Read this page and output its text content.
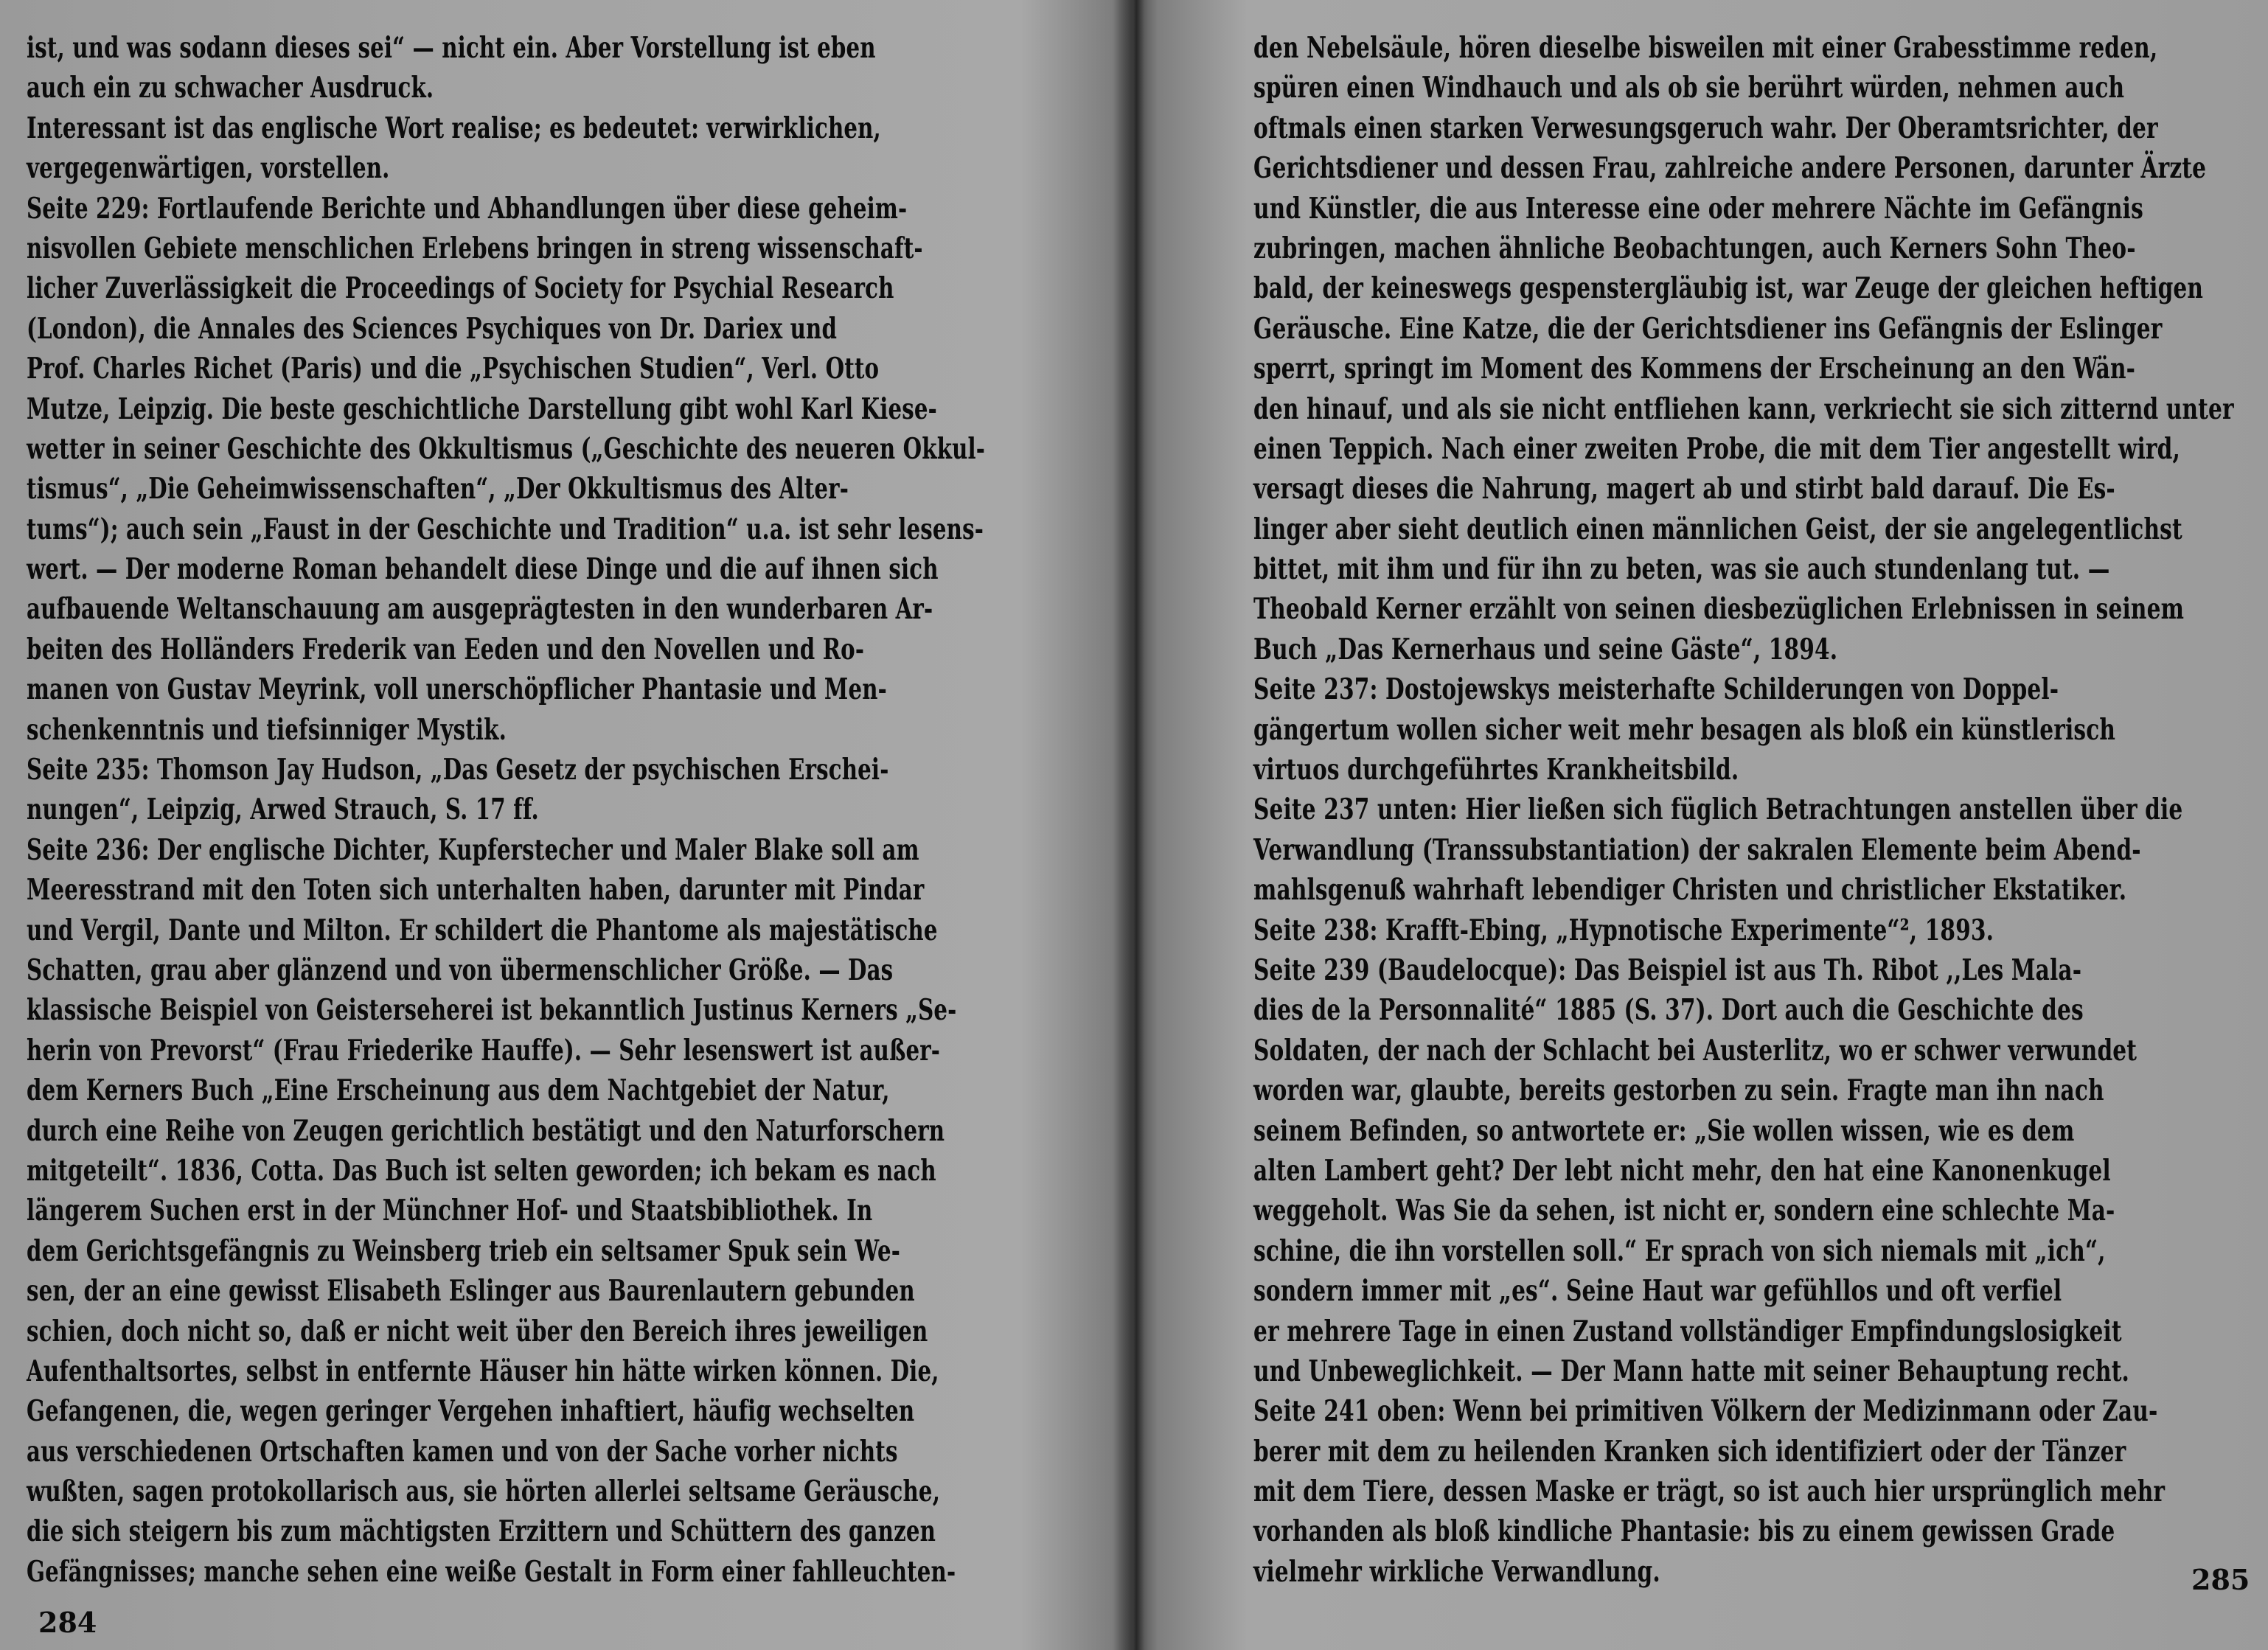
ist, und was sodann dieses sei“ — nicht ein. Aber Vorstellung ist eben
auch ein zu schwacher Ausdruck.
Interessant ist das englische Wort realise; es bedeutet: verwirklichen,
vergegenwärtigen, vorstellen.
Seite 229: Fortlaufende Berichte und Abhandlungen über diese geheim-
nisvollen Gebiete menschlichen Erlebens bringen in streng wissenschaft-
licher Zuverlässigkeit die Proceedings of Society for Psychial Research
(London), die Annales des Sciences Psychiques von Dr. Dariex und
Prof. Charles Richet (Paris) und die „Psychischen Studien“, Verl. Otto
Mutze, Leipzig. Die beste geschichtliche Darstellung gibt wohl Karl Kiese-
wetter in seiner Geschichte des Okkultismus („Geschichte des neueren Okkul-
tismus“, „Die Geheimwissenschaften“, „Der Okkultismus des Alter-
tums“); auch sein „Faust in der Geschichte und Tradition“ u.a. ist sehr lesens-
wert. — Der moderne Roman behandelt diese Dinge und die auf ihnen sich
aufbauende Weltanschauung am ausgeprägtesten in den wunderbaren Ar-
beiten des Holländers Frederik van Eeden und den Novellen und Ro-
manen von Gustav Meyrink, voll unerschöpflicher Phantasie und Men-
schenkenntnis und tiefsinniger Mystik.
Seite 235: Thomson Jay Hudson, „Das Gesetz der psychischen Erschei-
nungen“, Leipzig, Arwed Strauch, S. 17 ff.
Seite 236: Der englische Dichter, Kupferstecher und Maler Blake soll am
Meeresstrand mit den Toten sich unterhalten haben, darunter mit Pindar
und Vergil, Dante und Milton. Er schildert die Phantome als majestätische
Schatten, grau aber glänzend und von übermenschlicher Größe. — Das
klassische Beispiel von Geisterseherei ist bekanntlich Justinus Kerners „Se-
herin von Prevorst“ (Frau Friederike Hauffe). — Sehr lesenswert ist außer-
dem Kerners Buch „Eine Erscheinung aus dem Nachtgebiet der Natur,
durch eine Reihe von Zeugen gerichtlich bestätigt und den Naturforschern
mitgeteilt“. 1836, Cotta. Das Buch ist selten geworden; ich bekam es nach
längerem Suchen erst in der Münchner Hof- und Staatsbibliothek. In
dem Gerichtsgefängnis zu Weinsberg trieb ein seltsamer Spuk sein We-
sen, der an eine gewisst Elisabeth Eslinger aus Baurenlautern gebunden
schien, doch nicht so, daß er nicht weit über den Bereich ihres jeweiligen
Aufenthaltsortes, selbst in entfernte Häuser hin hätte wirken können. Die,
Gefangenen, die, wegen geringer Vergehen inhaftiert, häufig wechselten
aus verschiedenen Ortschaften kamen und von der Sache vorher nichts
wußten, sagen protokollarisch aus, sie hörten allerlei seltsame Geräusche,
die sich steigern bis zum mächtigsten Erzittern und Schüttern des ganzen
Gefängnisses; manche sehen eine weiße Gestalt in Form einer fahlleuchten-
284
den Nebelsäule, hören dieselbe bisweilen mit einer Grabesstimme reden,
spüren einen Windhauch und als ob sie berührt würden, nehmen auch
oftmals einen starken Verwesungsgeruch wahr. Der Oberamtsrichter, der
Gerichtsdiener und dessen Frau, zahlreiche andere Personen, darunter Ärzte
und Künstler, die aus Interesse eine oder mehrere Nächte im Gefängnis
zubringen, machen ähnliche Beobachtungen, auch Kerners Sohn Theo-
bald, der keineswegs gespenstergläubig ist, war Zeuge der gleichen heftigen
Geräusche. Eine Katze, die der Gerichtsdiener ins Gefängnis der Eslinger
sperrt, springt im Moment des Kommens der Erscheinung an den Wän-
den hinauf, und als sie nicht entfliehen kann, verkriecht sie sich zitternd unter
einen Teppich. Nach einer zweiten Probe, die mit dem Tier angestellt wird,
versagt dieses die Nahrung, magert ab und stirbt bald darauf. Die Es-
linger aber sieht deutlich einen männlichen Geist, der sie angelegentlichst
bittet, mit ihm und für ihn zu beten, was sie auch stundenlang tut. —
Theobald Kerner erzählt von seinen diesbezüglichen Erlebnissen in seinem
Buch „Das Kernerhaus und seine Gäste“, 1894.
Seite 237: Dostojewskys meisterhafte Schilderungen von Doppel-
gängertum wollen sicher weit mehr besagen als bloß ein künstlerisch
virtuos durchgeführtes Krankheitsbild.
Seite 237 unten: Hier ließen sich füglich Betrachtungen anstellen über die
Verwandlung (Transsubstantiation) der sakralen Elemente beim Abend-
mahlsgenuß wahrhaft lebendiger Christen und christlicher Ekstatiker.
Seite 238: Krafft-Ebing, „Hypnotische Experimente“², 1893.
Seite 239 (Baudelocque): Das Beispiel ist aus Th. Ribot ,,Les Mala-
dies de la Personnalité“ 1885 (S. 37). Dort auch die Geschichte des
Soldaten, der nach der Schlacht bei Austerlitz, wo er schwer verwundet
worden war, glaubte, bereits gestorben zu sein. Fragte man ihn nach
seinem Befinden, so antwortete er: „Sie wollen wissen, wie es dem
alten Lambert geht? Der lebt nicht mehr, den hat eine Kanonenkugel
weggeholt. Was Sie da sehen, ist nicht er, sondern eine schlechte Ma-
schine, die ihn vorstellen soll.“ Er sprach von sich niemals mit „ich“,
sondern immer mit „es“. Seine Haut war gefühllos und oft verfiel
er mehrere Tage in einen Zustand vollständiger Empfindungslosigkeit
und Unbeweglichkeit. — Der Mann hatte mit seiner Behauptung recht.
Seite 241 oben: Wenn bei primitiven Völkern der Medizinmann oder Zau-
berer mit dem zu heilenden Kranken sich identifiziert oder der Tänzer
mit dem Tiere, dessen Maske er trägt, so ist auch hier ursprünglich mehr
vorhanden als bloß kindliche Phantasie: bis zu einem gewissen Grade
vielmehr wirkliche Verwandlung.	285
